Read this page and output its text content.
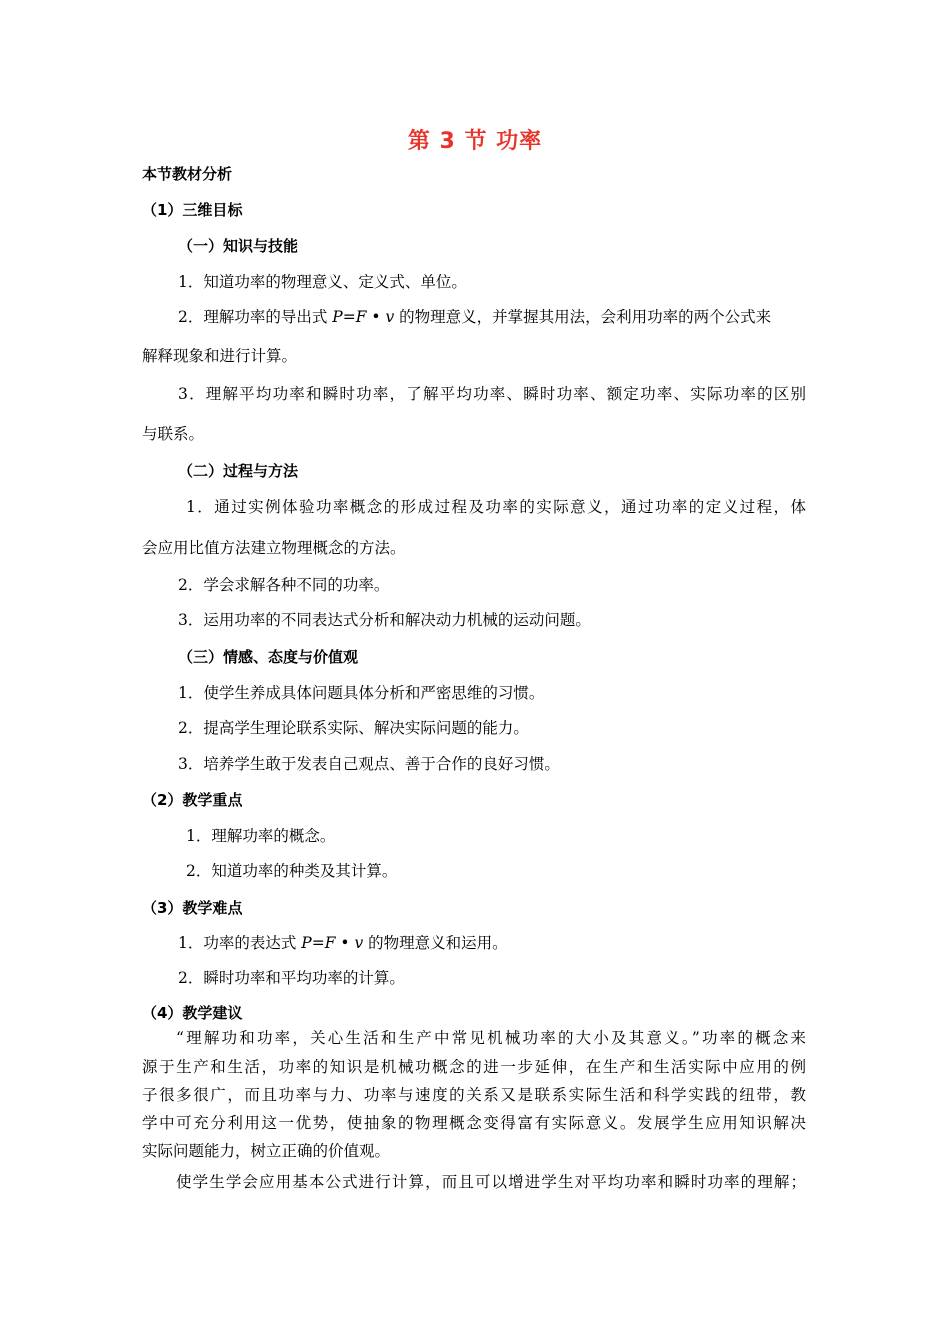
第 3 节 功率
本节教材分析
（1）三维目标
（一）知识与技能
1．知道功率的物理意义、定义式、单位。
2．理解功率的导出式 P=F • v 的物理意义，并掌握其用法，会利用功率的两个公式来
解释现象和进行计算。
3．理解平均功率和瞬时功率，了解平均功率、瞬时功率、额定功率、实际功率的区别
与联系。
（二）过程与方法
1．通过实例体验功率概念的形成过程及功率的实际意义，通过功率的定义过程，体
会应用比值方法建立物理概念的方法。
2．学会求解各种不同的功率。
3．运用功率的不同表达式分析和解决动力机械的运动问题。
（三）情感、态度与价值观
1．使学生养成具体问题具体分析和严密思维的习惯。
2．提高学生理论联系实际、解决实际问题的能力。
3．培养学生敢于发表自己观点、善于合作的良好习惯。
（2）教学重点
1．理解功率的概念。
2．知道功率的种类及其计算。
（3）教学难点
1．功率的表达式 P=F • v 的物理意义和运用。
2．瞬时功率和平均功率的计算。
（4）教学建议
“理解功和功率，关心生活和生产中常见机械功率的大小及其意义。”功率的概念来
源于生产和生活，功率的知识是机械功概念的进一步延伸，在生产和生活实际中应用的例
子很多很广，而且功率与力、功率与速度的关系又是联系实际生活和科学实践的纽带，教
学中可充分利用这一优势，使抽象的物理概念变得富有实际意义。发展学生应用知识解决
实际问题能力，树立正确的价值观。
使学生学会应用基本公式进行计算，而且可以增进学生对平均功率和瞬时功率的理解；
